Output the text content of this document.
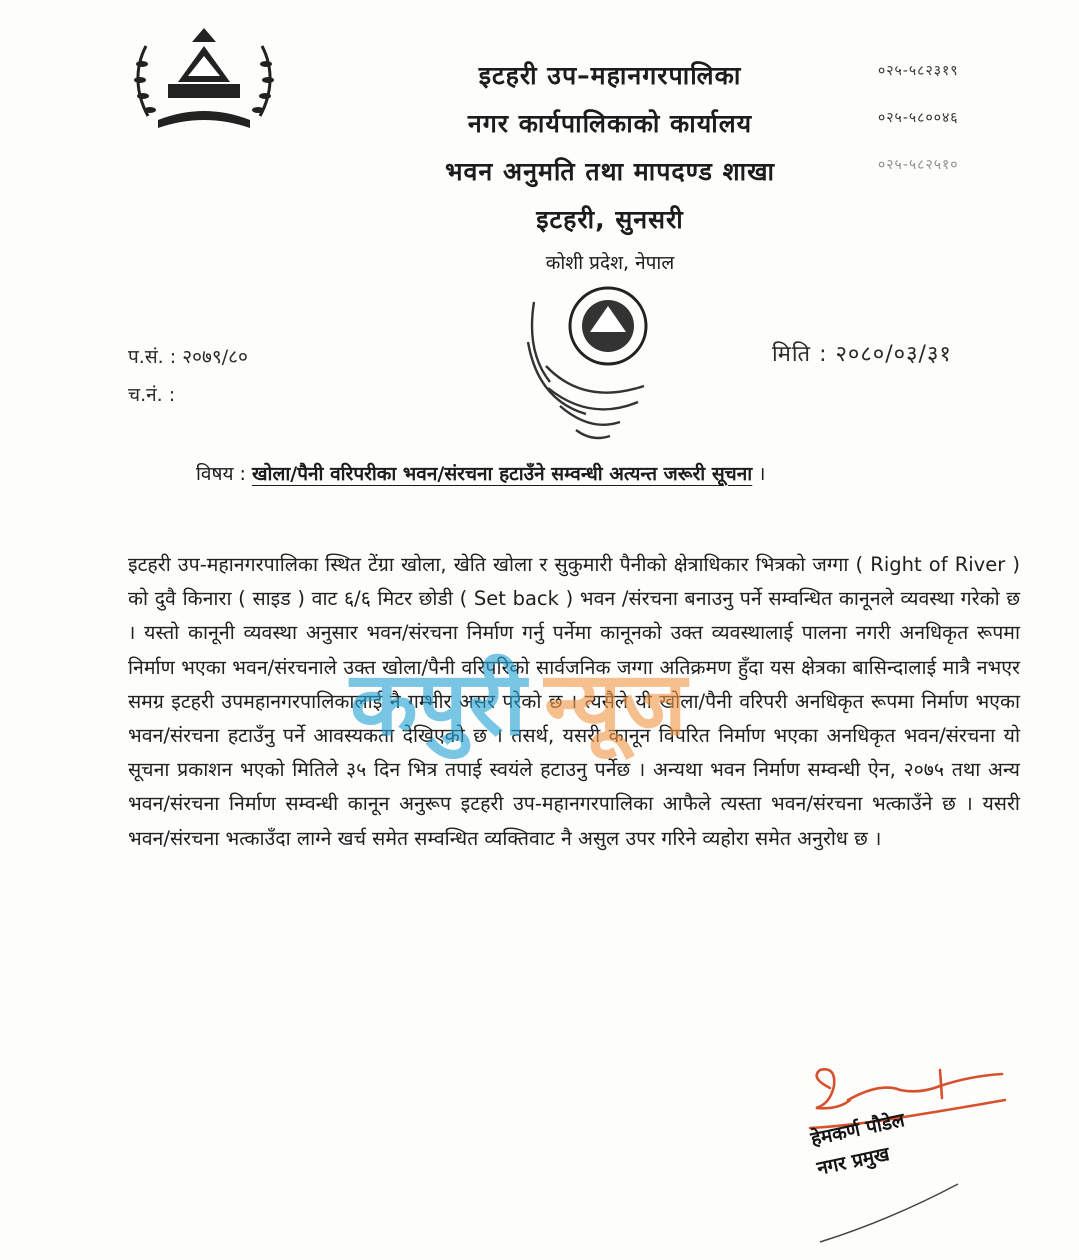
इटहरी उप–महानगरपालिका
नगर कार्यपालिकाको कार्यालय
भवन अनुमति तथा मापदण्ड शाखा
इटहरी, सुनसरी
कोशी प्रदेश, नेपाल
०२५-५८२३१९
०२५-५८००४६
०२५-५८२५१०
प.सं. : २०७९/८०
च.नं. :
मिति : २०८०/०३/३१
विषय : खोला/पैनी वरिपरीका भवन/संरचना हटाउँने सम्वन्धी अत्यन्त जरूरी सूचना ।
इटहरी उप-महानगरपालिका स्थित टेंग्रा खोला, खेति खोला र सुकुमारी पैनीको क्षेत्राधिकार भित्रको जग्गा ( Right of River ) को दुवै किनारा ( साइड ) वाट ६/६ मिटर छोडी ( Set back ) भवन /संरचना बनाउनु पर्ने सम्वन्धित कानूनले व्यवस्था गरेको छ । यस्तो कानूनी व्यवस्था अनुसार भवन/संरचना निर्माण गर्नु पर्नेमा कानूनको उक्त व्यवस्थालाई पालना नगरी अनधिकृत रूपमा निर्माण भएका भवन/संरचनाले उक्त खोला/पैनी वरिपरिको सार्वजनिक जग्गा अतिक्रमण हुँदा यस क्षेत्रका बासिन्दालाई मात्रै नभएर समग्र इटहरी उपमहानगरपालिकालाई नै गम्भीर असर परेको छ । त्यसैले यी खोला/पैनी वरिपरी अनधिकृत रूपमा निर्माण भएका भवन/संरचना हटाउँनु पर्ने आवस्यकता देखिएको छ । तसर्थ, यसरी कानून विपरित निर्माण भएका अनधिकृत भवन/संरचना यो सूचना प्रकाशन भएको मितिले ३५ दिन भित्र तपाई स्वयंले हटाउनु पर्नेछ । अन्यथा भवन निर्माण सम्वन्धी ऐन, २०७५ तथा अन्य भवन/संरचना निर्माण सम्वन्धी कानून अनुरूप इटहरी उप-महानगरपालिका आफैले त्यस्ता भवन/संरचना भत्काउँने छ । यसरी भवन/संरचना भत्काउँदा लाग्ने खर्च समेत सम्वन्धित व्यक्तिवाट नै असुल उपर गरिने व्यहोरा समेत अनुरोध छ ।
कपुरी न्यूज
हेमकर्ण पौडेल
नगर प्रमुख
